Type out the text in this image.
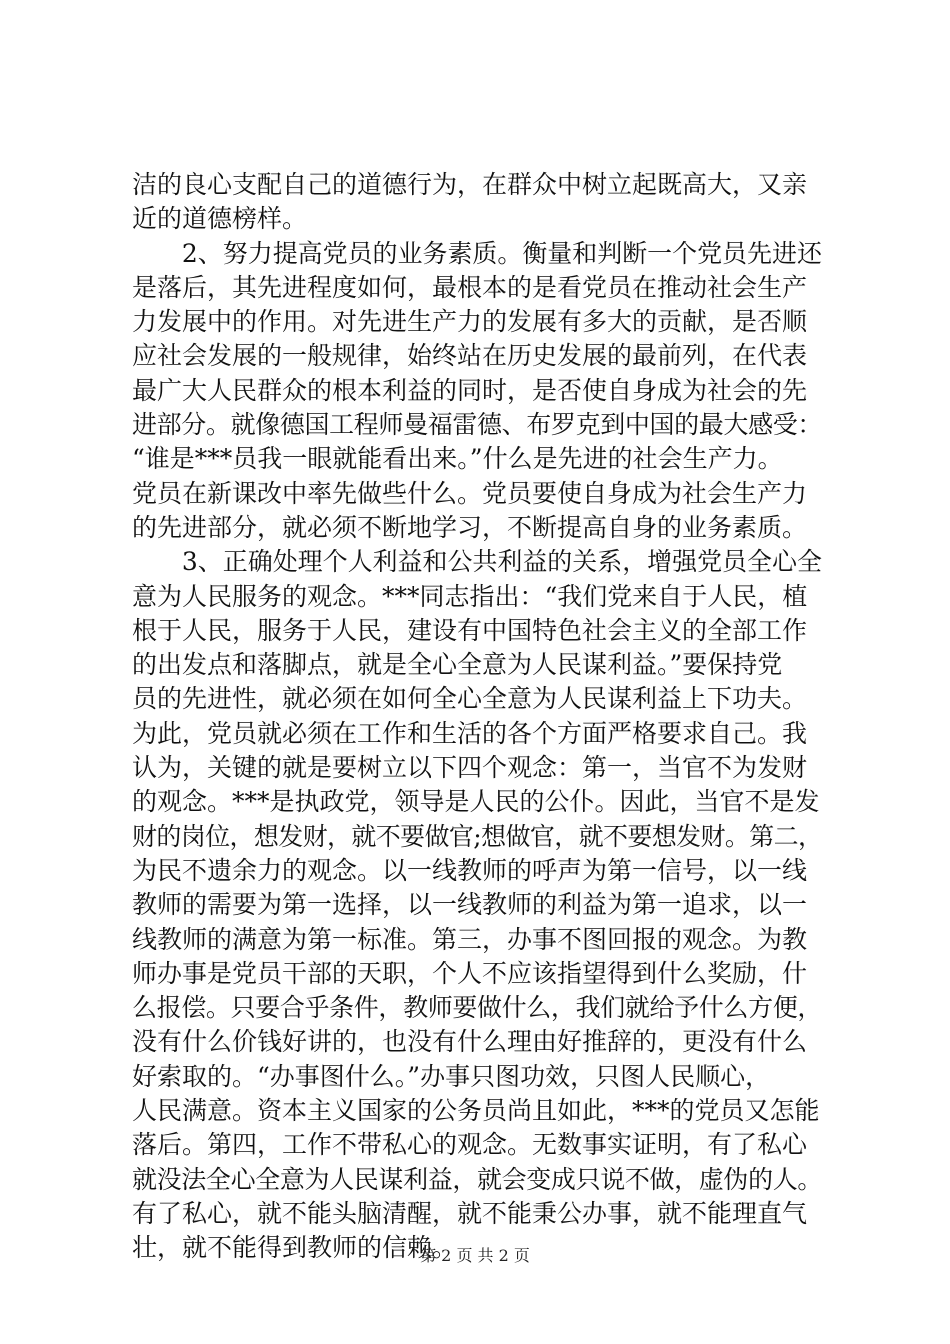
洁的良心支配自己的道德行为，在群众中树立起既高大，又亲
近的道德榜样。
　　2、努力提高党员的业务素质。衡量和判断一个党员先进还
是落后，其先进程度如何，最根本的是看党员在推动社会生产
力发展中的作用。对先进生产力的发展有多大的贡献，是否顺
应社会发展的一般规律，始终站在历史发展的最前列，在代表
最广大人民群众的根本利益的同时，是否使自身成为社会的先
进部分。就像德国工程师曼福雷德、布罗克到中国的最大感受：
“谁是***员我一眼就能看出来。”什么是先进的社会生产力。
党员在新课改中率先做些什么。党员要使自身成为社会生产力
的先进部分，就必须不断地学习，不断提高自身的业务素质。
　　3、正确处理个人利益和公共利益的关系，增强党员全心全
意为人民服务的观念。***同志指出：“我们党来自于人民，植
根于人民，服务于人民，建设有中国特色社会主义的全部工作
的出发点和落脚点，就是全心全意为人民谋利益。”要保持党
员的先进性，就必须在如何全心全意为人民谋利益上下功夫。
为此，党员就必须在工作和生活的各个方面严格要求自己。我
认为，关键的就是要树立以下四个观念：第一，当官不为发财
的观念。***是执政党，领导是人民的公仆。因此，当官不是发
财的岗位，想发财，就不要做官;想做官，就不要想发财。第二，
为民不遗余力的观念。以一线教师的呼声为第一信号，以一线
教师的需要为第一选择，以一线教师的利益为第一追求，以一
线教师的满意为第一标准。第三，办事不图回报的观念。为教
师办事是党员干部的天职，个人不应该指望得到什么奖励，什
么报偿。只要合乎条件，教师要做什么，我们就给予什么方便，
没有什么价钱好讲的，也没有什么理由好推辞的，更没有什么
好索取的。“办事图什么。”办事只图功效，只图人民顺心，
人民满意。资本主义国家的公务员尚且如此，***的党员又怎能
落后。第四，工作不带私心的观念。无数事实证明，有了私心
就没法全心全意为人民谋利益，就会变成只说不做，虚伪的人。
有了私心，就不能头脑清醒，就不能秉公办事，就不能理直气
壮，就不能得到教师的信赖。
第 2 页 共 2 页
